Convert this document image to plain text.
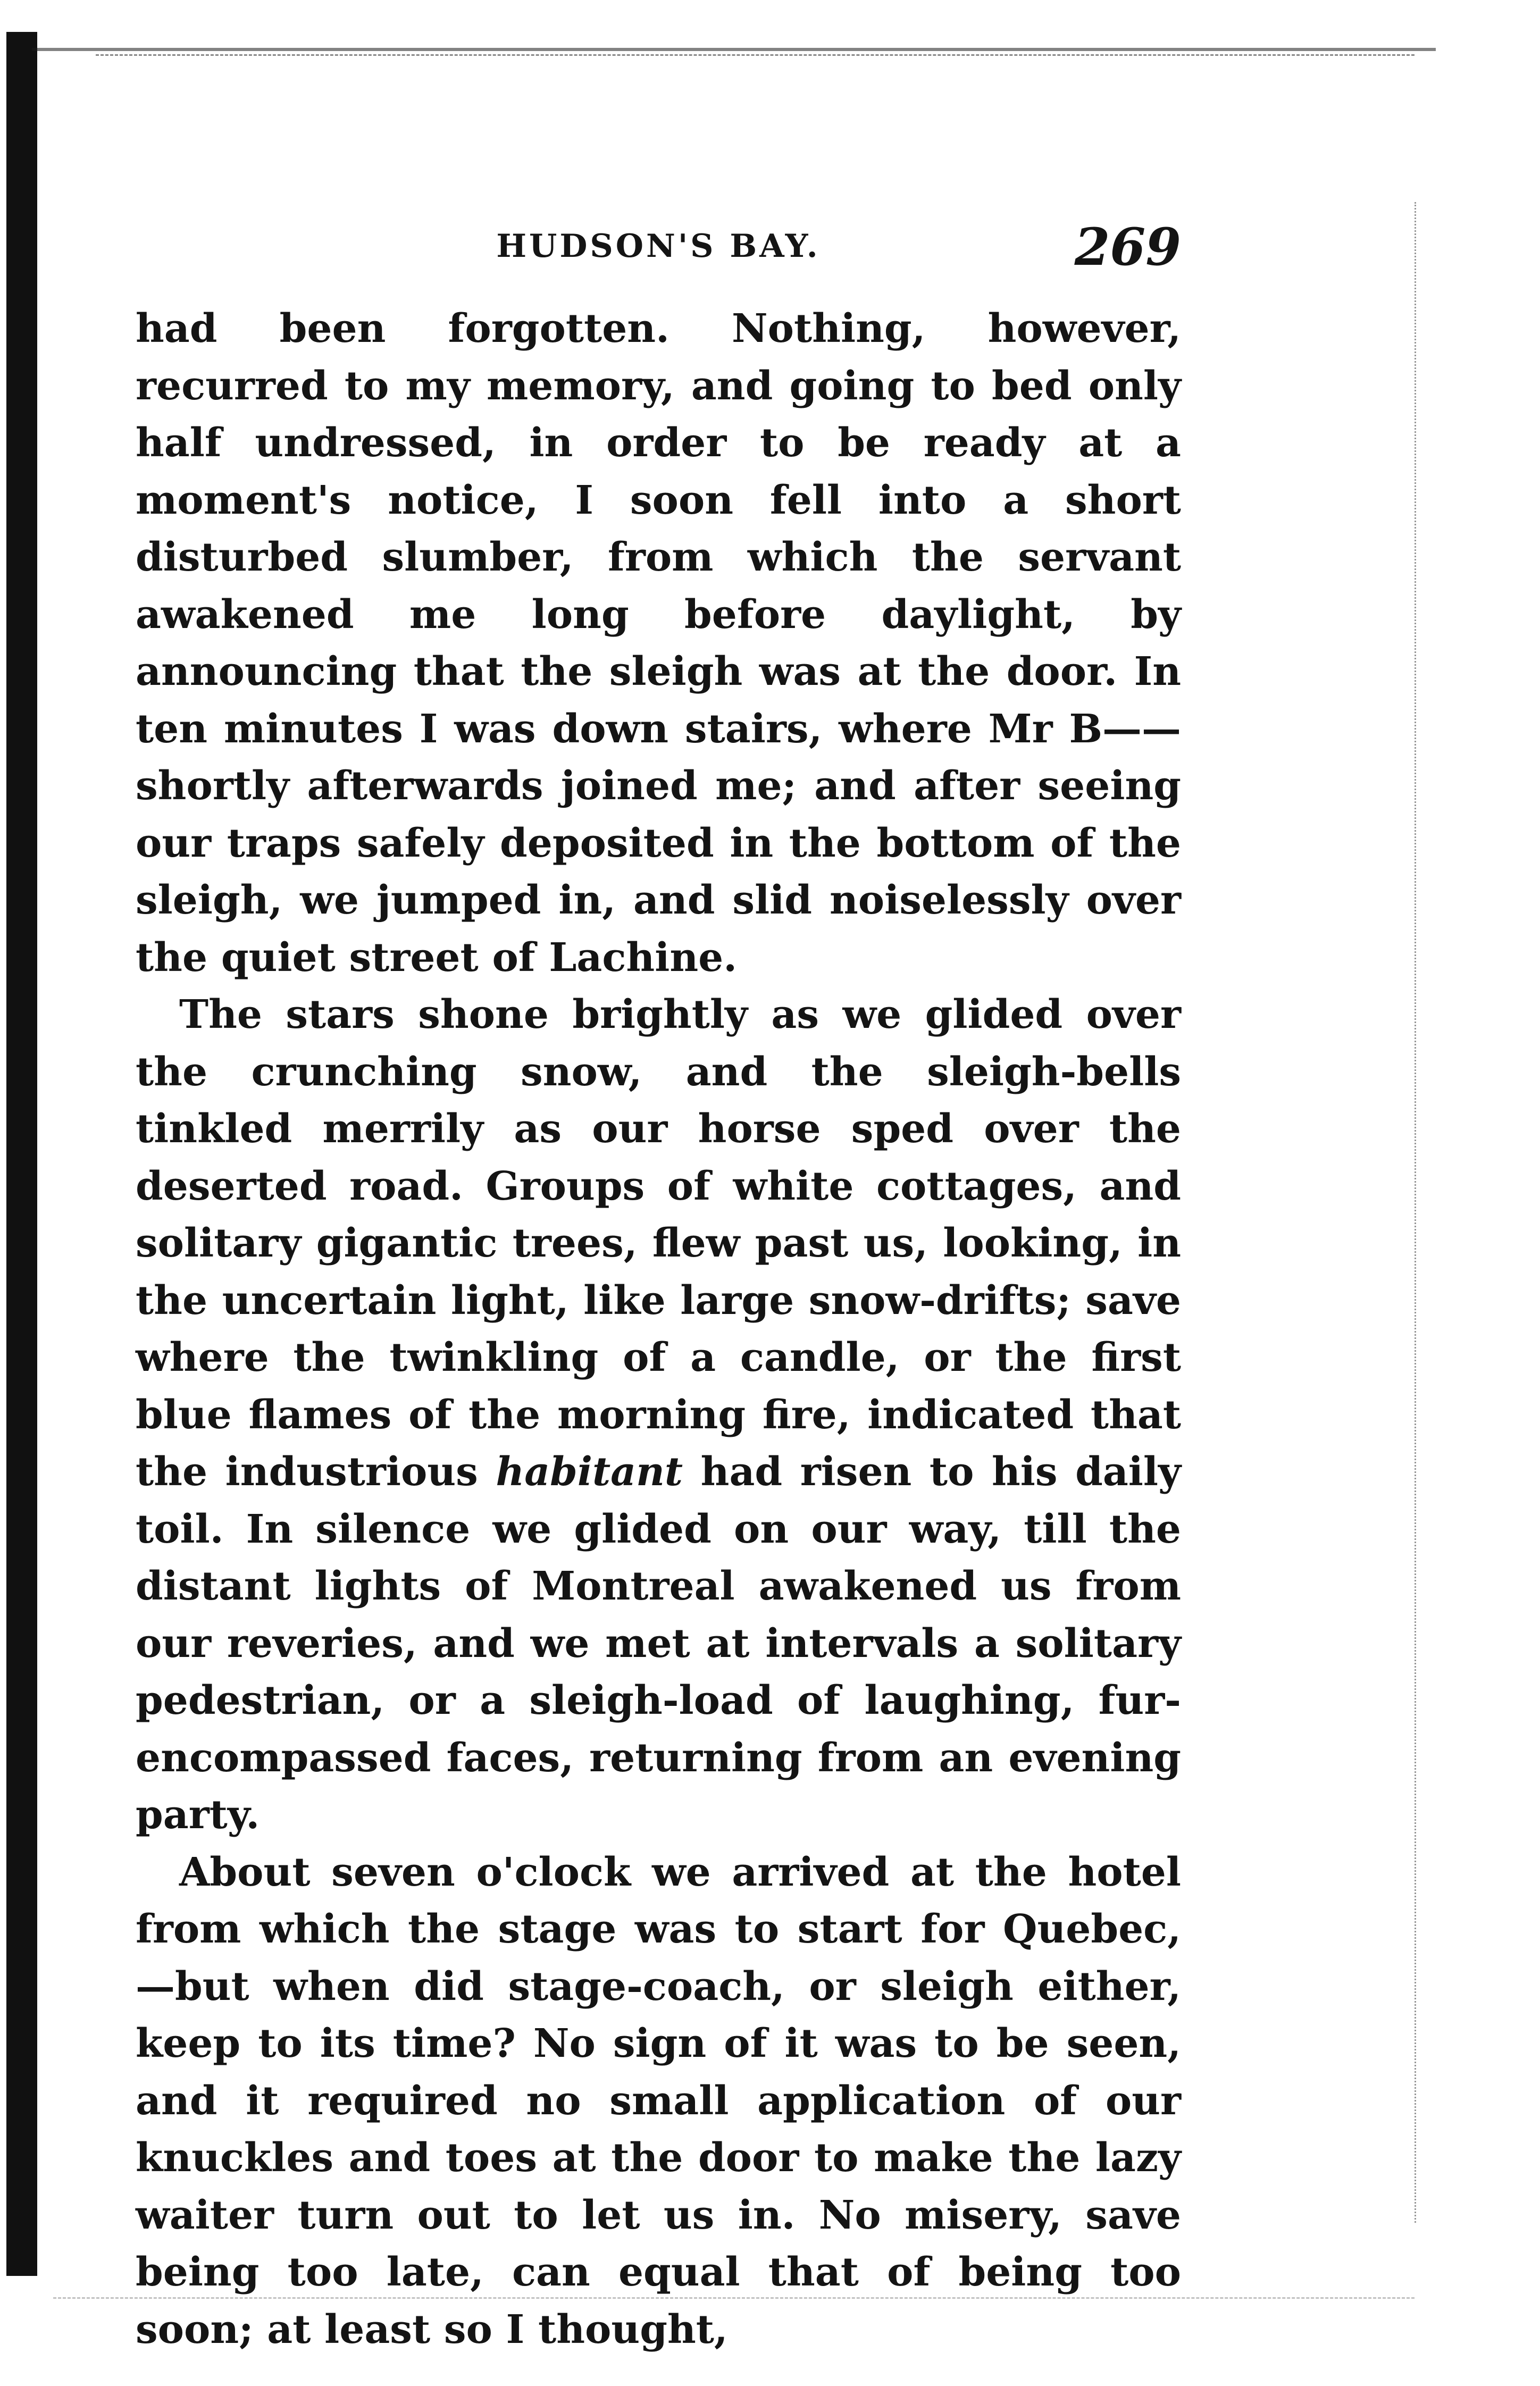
HUDSON'S BAY.	269

had been forgotten. Nothing, however, recurred to my memory, and going to bed only half undressed, in order to be ready at a moment's notice, I soon fell into a short disturbed slumber, from which the servant awakened me long before daylight, by announcing that the sleigh was at the door. In ten minutes I was down stairs, where Mr B—— shortly afterwards joined me; and after seeing our traps safely deposited in the bottom of the sleigh, we jumped in, and slid noiselessly over the quiet street of Lachine.

The stars shone brightly as we glided over the crunching snow, and the sleigh-bells tinkled merrily as our horse sped over the deserted road. Groups of white cottages, and solitary gigantic trees, flew past us, looking, in the uncertain light, like large snow-drifts; save where the twinkling of a candle, or the first blue flames of the morning fire, indicated that the industrious habitant had risen to his daily toil. In silence we glided on our way, till the distant lights of Montreal awakened us from our reveries, and we met at intervals a solitary pedestrian, or a sleigh-load of laughing, fur-encompassed faces, returning from an evening party.

About seven o'clock we arrived at the hotel from which the stage was to start for Quebec,—but when did stage-coach, or sleigh either, keep to its time? No sign of it was to be seen, and it required no small application of our knuckles and toes at the door to make the lazy waiter turn out to let us in. No misery, save being too late, can equal that of being too soon; at least so I thought,
